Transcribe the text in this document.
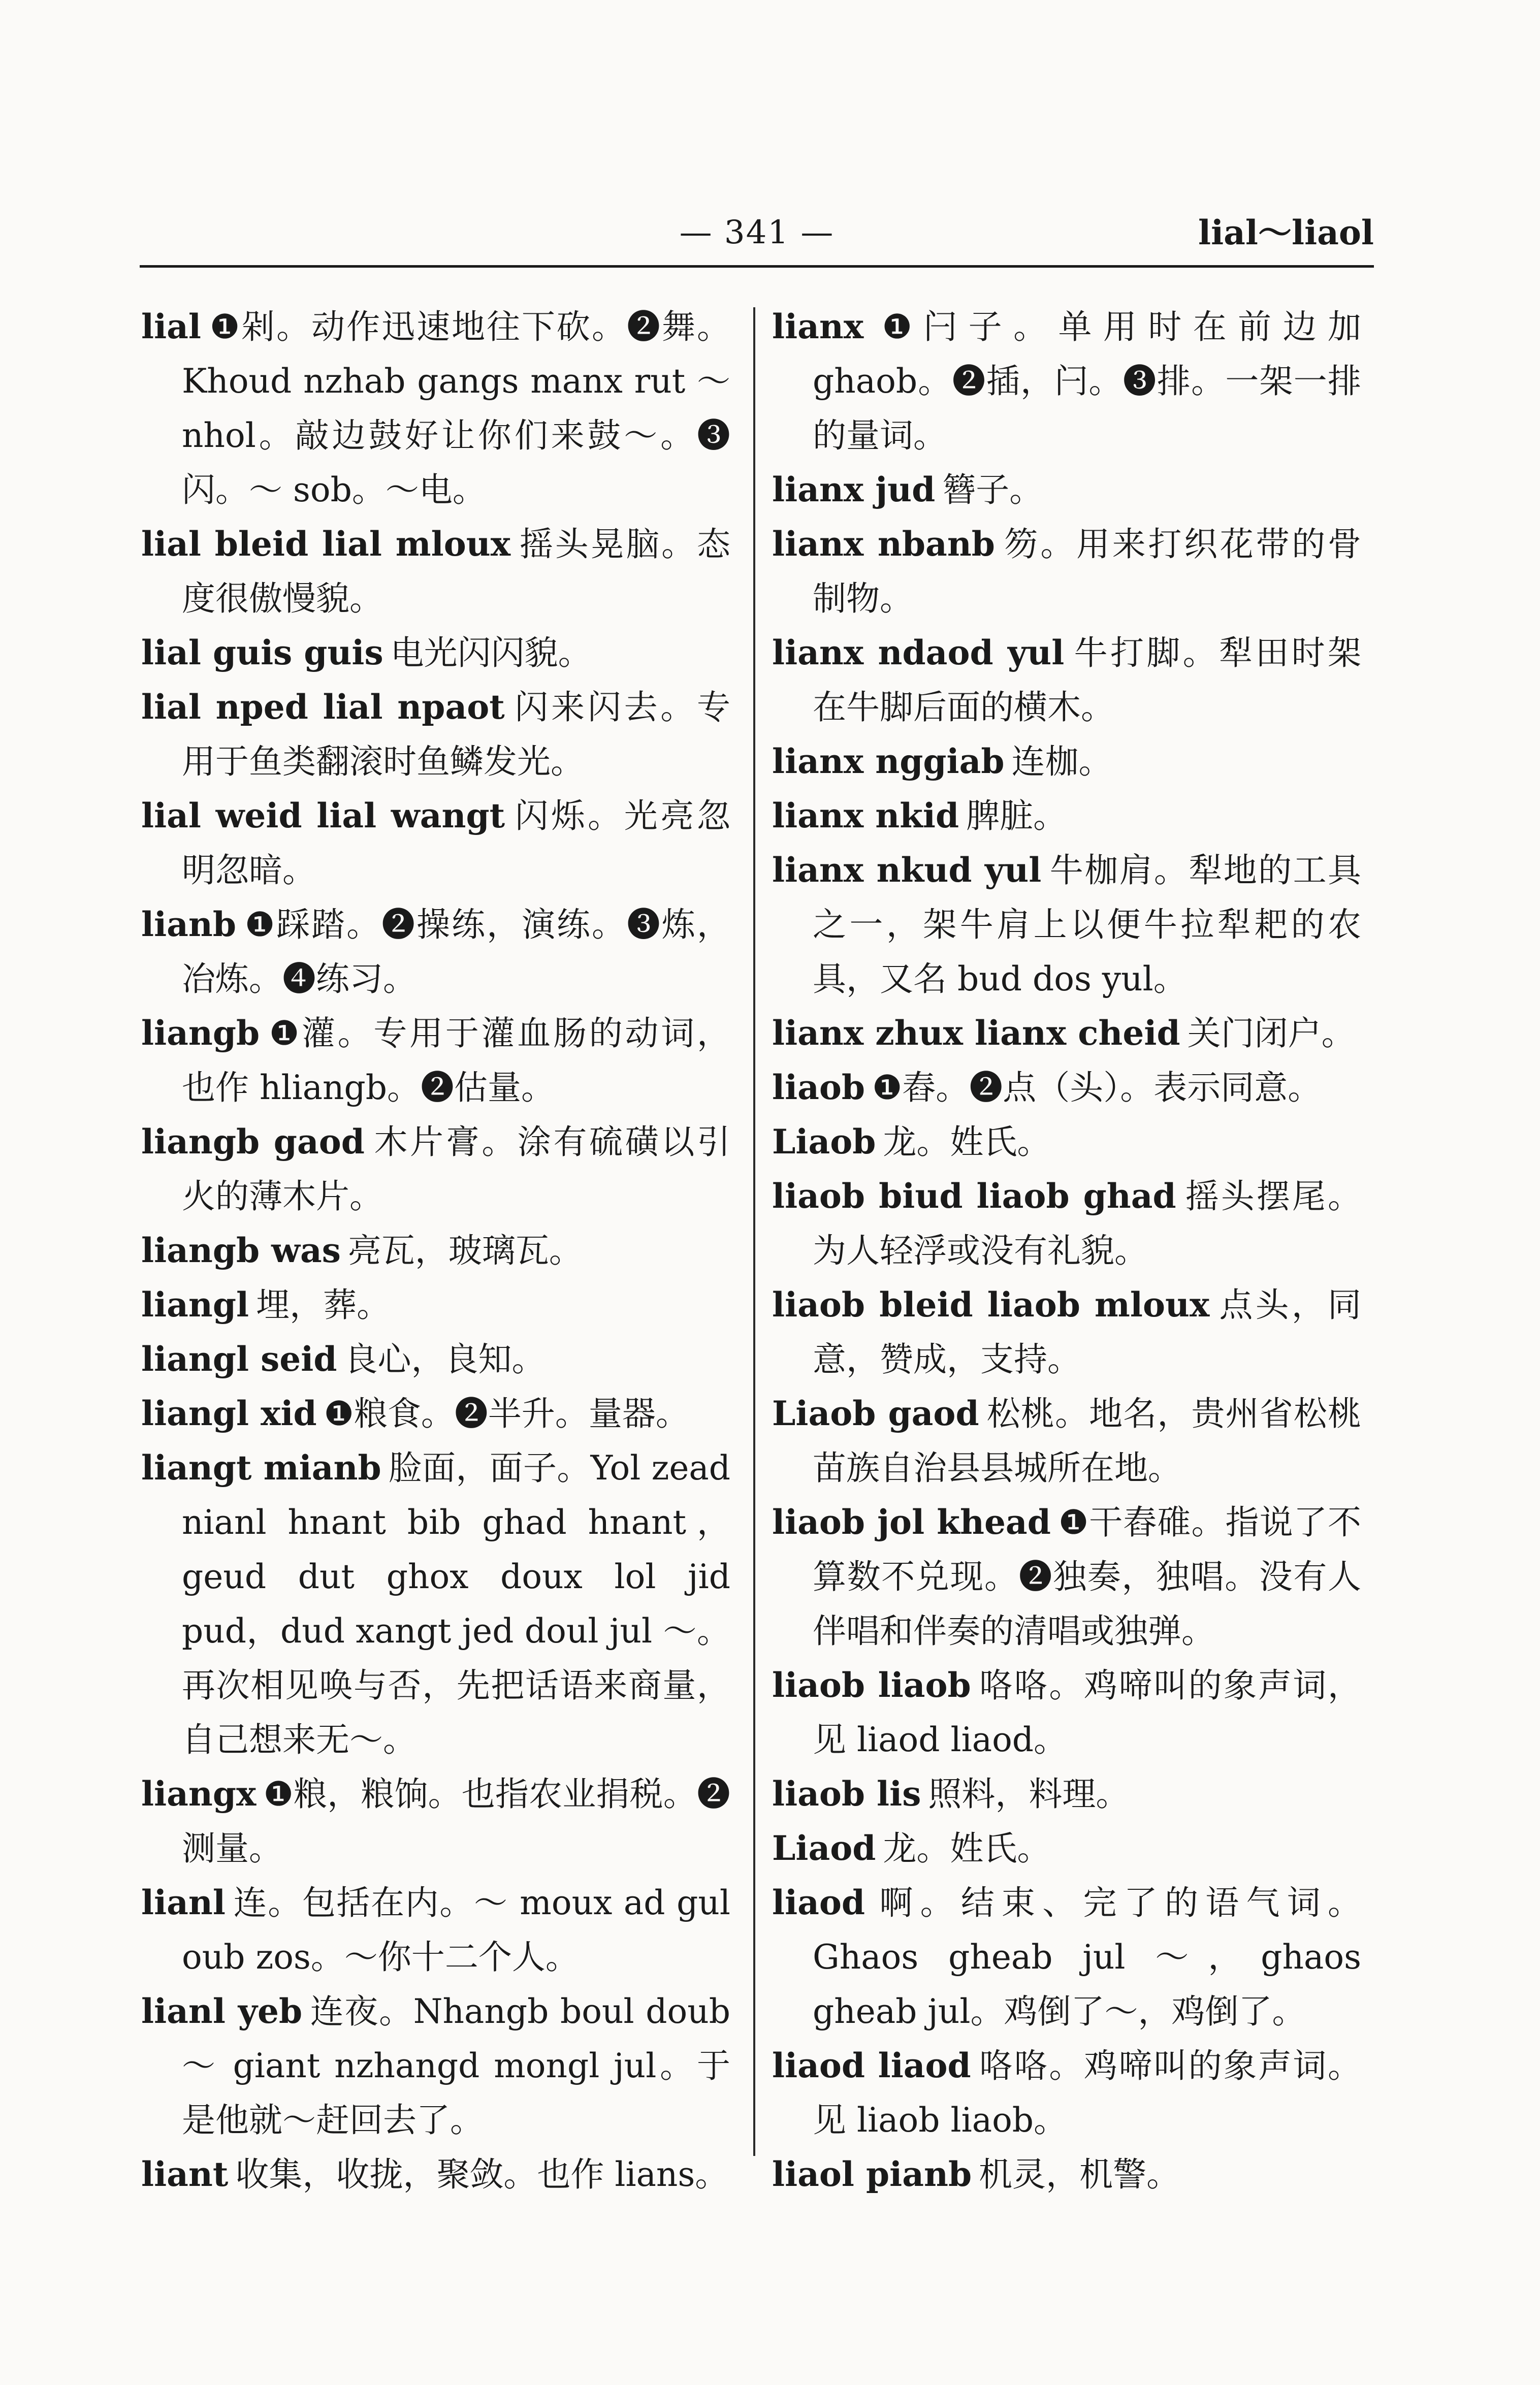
— 341 —	lial～liaol
lial ❶剁。动作迅速地往下砍。❷舞。Khoud nzhab gangs manx rut ～ nhol。敲边鼓好让你们来鼓～。❸闪。～ sob。～电。
lial bleid lial mloux 摇头晃脑。态度很傲慢貌。
lial guis guis 电光闪闪貌。
lial nped lial npaot 闪来闪去。专用于鱼类翻滚时鱼鳞发光。
lial weid lial wangt 闪烁。光亮忽明忽暗。
lianb ❶踩踏。❷操练，演练。❸炼，冶炼。❹练习。
liangb ❶灌。专用于灌血肠的动词，也作 hliangb。❷估量。
liangb gaod 木片膏。涂有硫磺以引火的薄木片。
liangb was 亮瓦，玻璃瓦。
liangl 埋，葬。
liangl seid 良心，良知。
liangl xid ❶粮食。❷半升。量器。
liangt mianb 脸面，面子。Yol zead nianl hnant bib ghad hnant，geud dut ghox doux lol jid pud，dud xangt jed doul jul ～。再次相见唤与否，先把话语来商量，自己想来无～。
liangx ❶粮，粮饷。也指农业捐税。❷测量。
lianl 连。包括在内。～ moux ad gul oub zos。～你十二个人。
lianl yeb 连夜。Nhangb boul doub ～ giant nzhangd mongl jul。于是他就～赶回去了。
liant 收集，收拢，聚敛。也作 lians。
lianx ❶闩子。单用时在前边加 ghaob。❷插，闩。❸排。一架一排的量词。
lianx jud 簪子。
lianx nbanb 笏。用来打织花带的骨制物。
lianx ndaod yul 牛打脚。犁田时架在牛脚后面的横木。
lianx nggiab 连枷。
lianx nkid 脾脏。
lianx nkud yul 牛枷肩。犁地的工具之一，架牛肩上以便牛拉犁耙的农具，又名 bud dos yul。
lianx zhux lianx cheid 关门闭户。
liaob ❶舂。❷点（头）。表示同意。
Liaob 龙。姓氏。
liaob biud liaob ghad 摇头摆尾。为人轻浮或没有礼貌。
liaob bleid liaob mloux 点头，同意，赞成，支持。
Liaob gaod 松桃。地名，贵州省松桃苗族自治县县城所在地。
liaob jol khead ❶干舂碓。指说了不算数不兑现。❷独奏，独唱。没有人伴唱和伴奏的清唱或独弹。
liaob liaob 咯咯。鸡啼叫的象声词，见 liaod liaod。
liaob lis 照料，料理。
Liaod 龙。姓氏。
liaod 啊。结束、完了的语气词。Ghaos gheab jul ～，ghaos gheab jul。鸡倒了～，鸡倒了。
liaod liaod 咯咯。鸡啼叫的象声词。见 liaob liaob。
liaol pianb 机灵，机警。
